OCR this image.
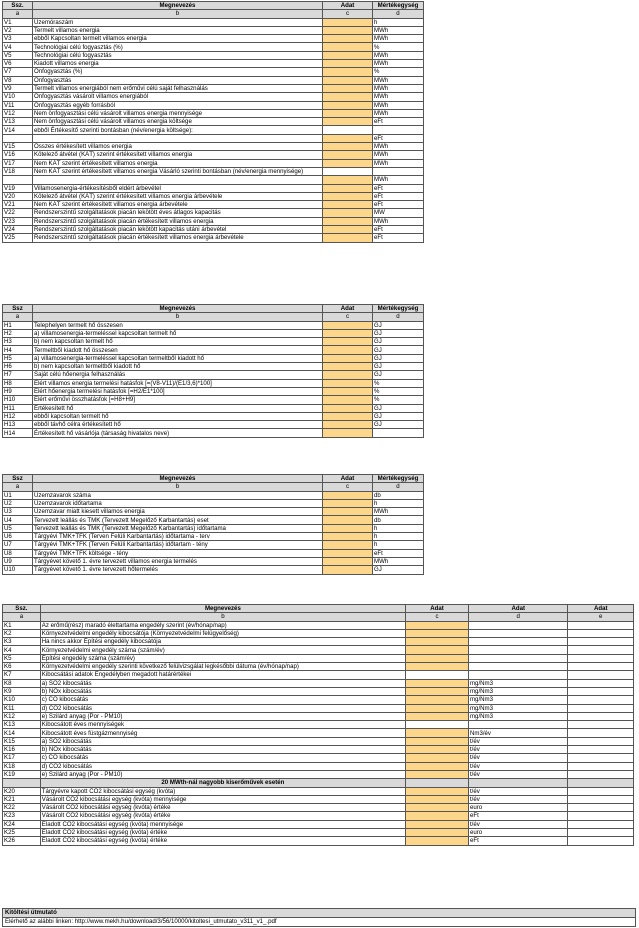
Ssz.	Megnevezés	Adat	Mértékegység
a	b	c	d
V1	Üzemóraszám		h
V2	Termelt villamos energia		MWh
V3	ebből Kapcsoltan termelt villamos energia		MWh
V4	Technológiai célú fogyasztás (%)		%
V5	Technológiai célú fogyasztás		MWh
V6	Kiadott villamos energia		MWh
V7	Önfogyasztás (%)		%
V8	Önfogyasztás		MWh
V9	Termelt villamos energiából nem erőművi célú saját felhasználás		MWh
V10	Önfogyasztás vásárolt villamos energiából		MWh
V11	Önfogyasztás egyéb forrásból		MWh
V12	Nem önfogyasztási célú vásárolt villamos energia mennyisége		MWh
V13	Nem önfogyasztási célú vásárolt villamos energia költsége		eFt
V14	ebből Értékesítő szerinti bontásban (név/energia költsége):		
			eFt
V15	Összes értékesített villamos energia		MWh
V16	Kötelező átvétel (KÁT) szerint értékesített villamos energia		MWh
V17	Nem KÁT szerint értékesített villamos energia		MWh
V18	Nem KÁT szerint értékesített villamos energia Vásárló szerinti bontásban (név/energia mennyisége)		
			MWh
V19	Villamosenergia-értékesítésből eldért árbevétel		eFt
V20	Kötelező átvétel (KÁT) szerint értékesített villamos energia árbevétele		eFt
V21	Nem KÁT szerint értékesített villamos energia árbevétele		eFt
V22	Rendszerszintű szolgáltatások piacán lekötött éves átlagos kapacitás		MW
V23	Rendszerszintű szolgáltatások piacán értékesített villamos energia		MWh
V24	Rendszerszintű szolgáltatások piacán lekötött kapacitás utáni árbevétel		eFt
V25	Rendszerszintű szolgáltatások piacán értékesített villamos energia árbevétele		eFt
Ssz	Megnevezés	Adat	Mértékegység
a	b	c	d
H1	Telephelyen termelt hő összesen		GJ
H2	a) villamosenergia-termeléssel kapcsoltan termelt hő		GJ
H3	b) nem kapcsoltan termelt hő		GJ
H4	Termeltből kiadott hő összesen		GJ
H5	a) villamosenergia-termeléssel kapcsoltan termeltből kiadott hő		GJ
H6	b) nem kapcsoltan termeltből kiadott hő		GJ
H7	Saját célú hőenergia felhasználás		GJ
H8	Elért villamos energia termelési hatásfok [=(V8-V11)/(E1/3,6)*100]		%
H9	Elért hőenergia termelési hatásfok [=H2/E1*100]		%
H10	Elért erőművi összhatásfok [=H8+H9]		%
H11	Értékesített hő		GJ
H12	ebből kapcsoltan termelt hő		GJ
H13	ebből távhő célra értékesített hő		GJ
H14	Értékesített hő vásárlója (társaság hivatalos neve)		
Ssz	Megnevezés	Adat	Mértékegység
a	b	c	d
U1	Üzemzavarok száma		db
U2	Üzemzavarok időtartama		h
U3	Üzemzavar miatt kiesett villamos energia		MWh
U4	Tervezett leállás és TMK (Tervezett Megelőző Karbantartás) eset		db
U5	Tervezett leállás és TMK (Tervezett Megelőző Karbantartás) időtartama		h
U6	Tárgyévi TMK+TFK (Terven Felüli Karbantartás) időtartama - terv		h
U7	Tárgyévi TMK+TFK (Terven Felüli Karbantartás) időtartam - tény		h
U8	Tárgyévi TMK+TFK költsége - tény		eFt
U9	Tárgyévet követő 1. évre tervezett villamos energia termelés		MWh
U10	Tárgyévet követő 1. évre tervezett hőtermelés		GJ
Ssz.	Megnevezés	Adat	Adat	Adat
a	b	c	d	e
K1	Az erőmű(rész) maradó élettartama engedély szerint (év/hónap/nap)			
K2	Környezetvédelmi engedély kibocsátója (Környezetvédelmi felügyelőség)			
K3	Ha nincs akkor Építési engedély kibocsátója			
K4	Környezetvédelmi engedély száma (szám/év)			
K5	Építési engedély száma (szám/év)			
K6	Környezetvédelmi engedély szerinti következő felülvizsgálat legkésőbbi dátuma (év/hónap/nap)			
K7	Kibocsátási adatok Engedélyben megadott határértékei			
K8	a) SO2 kibocsátás		mg/Nm3	
K9	b) NOx kibocsátás		mg/Nm3	
K10	c) CO kibocsátás		mg/Nm3	
K11	d) CO2 kibocsátás		mg/Nm3	
K12	e) Szilárd anyag (Por - PM10)		mg/Nm3	
K13	Kibocsátott éves mennyiségek			
K14	Kibocsátott éves füstgázmennyiség		Nm3/év	
K15	a) SO2 kibocsátás		t/év	
K16	b) NOx kibocsátás		t/év	
K17	c) CO kibocsátás		t/év	
K18	d) CO2 kibocsátás		t/év	
K19	e) Szilárd anyag (Por - PM10)		t/év	
	20 MWth-nál nagyobb kiserőművek esetén			
K20	Tárgyévre kapott CO2 kibocsátási egység (kvóta)		t/év	
K21	Vásárolt CO2 kibocsátási egység (kvóta) mennyisége		t/év	
K22	Vásárolt CO2 kibocsátási egység (kvóta) értéke		euro	
K23	Vásárolt CO2 kibocsátási egység (kvóta) értéke		eFt	
K24	Eladott CO2 kibocsátási egység (kvóta) mennyisége		t/év	
K25	Eladott CO2 kibocsátási egység (kvóta) értéke		euro	
K26	Eladott CO2 kibocsátási egység (kvóta) értéke		eFt	
Kitöltési útmutató
Elérhető az alábbi linken: http://www.mekh.hu/download/3/56/10000/kitoltesi_utmutato_v311_v1_.pdf
